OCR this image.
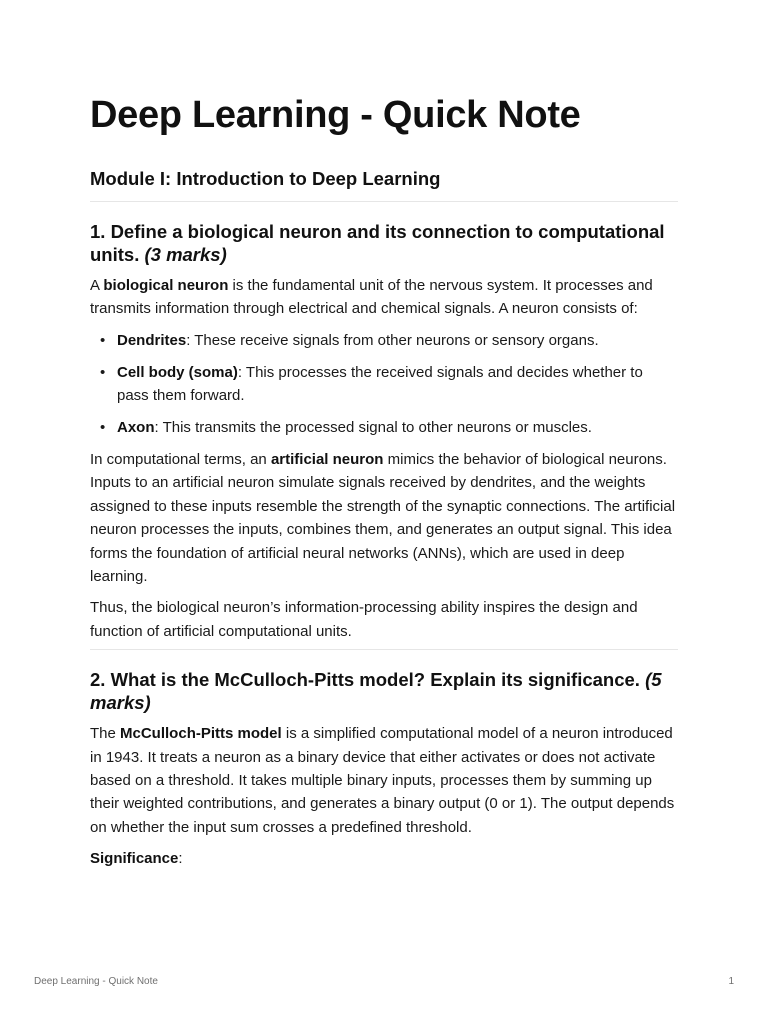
Deep Learning - Quick Note
Module I: Introduction to Deep Learning
1. Define a biological neuron and its connection to computational units. (3 marks)

A biological neuron is the fundamental unit of the nervous system. It processes and transmits information through electrical and chemical signals. A neuron consists of:

• Dendrites: These receive signals from other neurons or sensory organs.
• Cell body (soma): This processes the received signals and decides whether to pass them forward.
• Axon: This transmits the processed signal to other neurons or muscles.

In computational terms, an artificial neuron mimics the behavior of biological neurons. Inputs to an artificial neuron simulate signals received by dendrites, and the weights assigned to these inputs resemble the strength of the synaptic connections. The artificial neuron processes the inputs, combines them, and generates an output signal. This idea forms the foundation of artificial neural networks (ANNs), which are used in deep learning.

Thus, the biological neuron’s information-processing ability inspires the design and function of artificial computational units.

2. What is the McCulloch-Pitts model? Explain its significance. (5 marks)

The McCulloch-Pitts model is a simplified computational model of a neuron introduced in 1943. It treats a neuron as a binary device that either activates or does not activate based on a threshold. It takes multiple binary inputs, processes them by summing up their weighted contributions, and generates a binary output (0 or 1). The output depends on whether the input sum crosses a predefined threshold.

Significance:

Deep Learning - Quick Note	1
